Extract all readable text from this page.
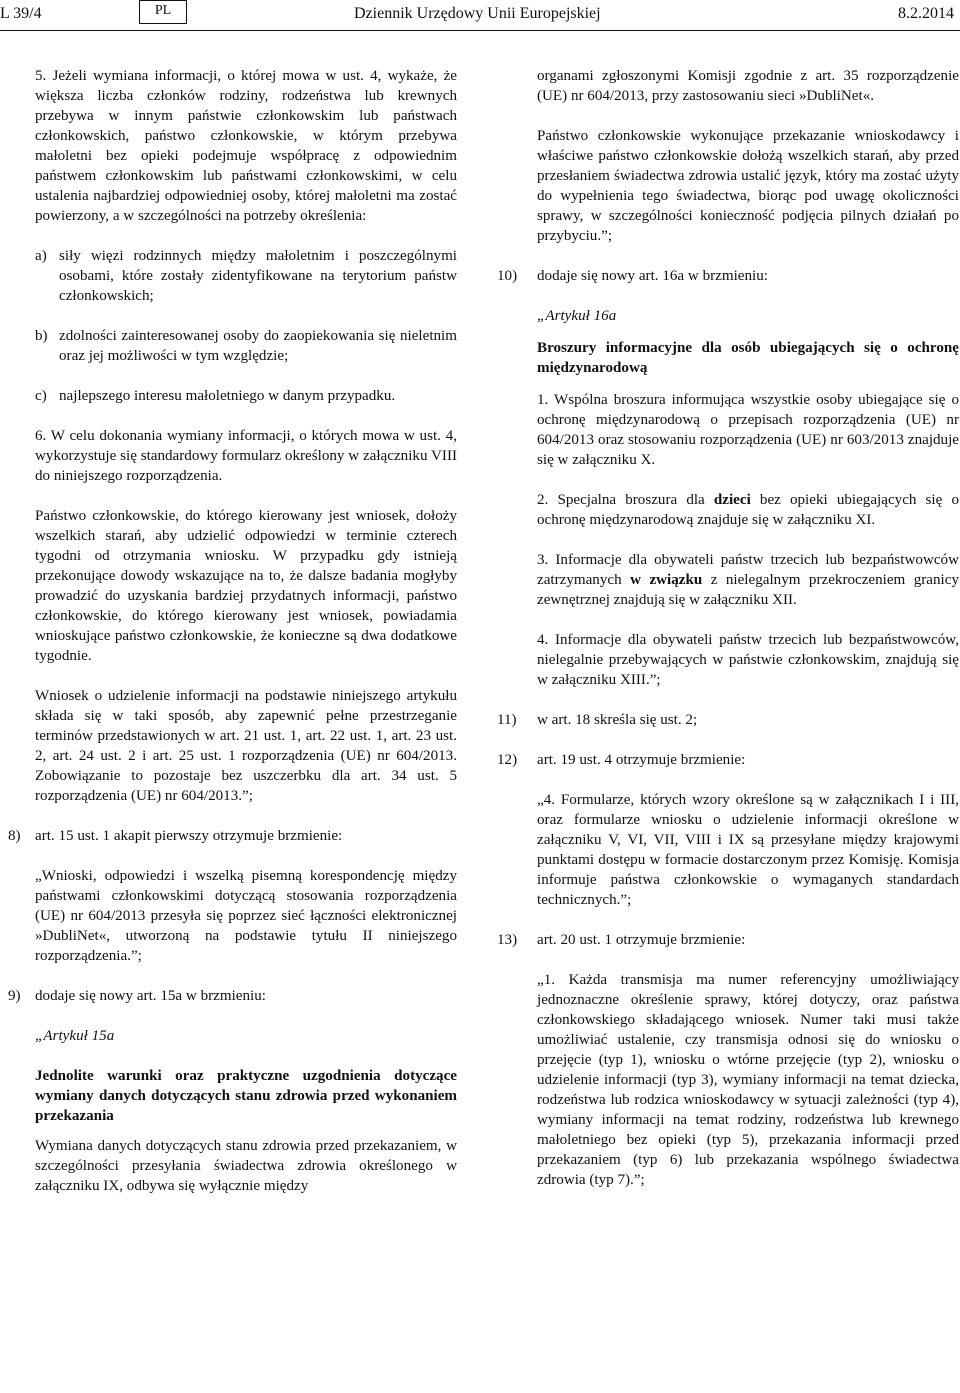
L 39/4	PL	Dziennik Urzędowy Unii Europejskiej	8.2.2014

5. Jeżeli wymiana informacji, o której mowa w ust. 4, wykaże, że większa liczba członków rodziny, rodzeństwa lub krewnych przebywa w innym państwie członkowskim lub państwach członkowskich, państwo członkowskie, w którym przebywa małoletni bez opieki podejmuje współpracę z odpowiednim państwem członkowskim lub państwami członkowskimi, w celu ustalenia najbardziej odpowiedniej osoby, której małoletni ma zostać powierzony, a w szczególności na potrzeby określenia:

a) siły więzi rodzinnych między małoletnim i poszczególnymi osobami, które zostały zidentyfikowane na terytorium państw członkowskich;
b) zdolności zainteresowanej osoby do zaopiekowania się nieletnim oraz jej możliwości w tym względzie;
c) najlepszego interesu małoletniego w danym przypadku.

6. W celu dokonania wymiany informacji, o których mowa w ust. 4, wykorzystuje się standardowy formularz określony w załączniku VIII do niniejszego rozporządzenia.

Państwo członkowskie, do którego kierowany jest wniosek, dołoży wszelkich starań, aby udzielić odpowiedzi w terminie czterech tygodni od otrzymania wniosku. W przypadku gdy istnieją przekonujące dowody wskazujące na to, że dalsze badania mogłyby prowadzić do uzyskania bardziej przydatnych informacji, państwo członkowskie, do którego kierowany jest wniosek, powiadamia wnioskujące państwo członkowskie, że konieczne są dwa dodatkowe tygodnie.

Wniosek o udzielenie informacji na podstawie niniejszego artykułu składa się w taki sposób, aby zapewnić pełne przestrzeganie terminów przedstawionych w art. 21 ust. 1, art. 22 ust. 1, art. 23 ust. 2, art. 24 ust. 2 i art. 25 ust. 1 rozporządzenia (UE) nr 604/2013. Zobowiązanie to pozostaje bez uszczerbku dla art. 34 ust. 5 rozporządzenia (UE) nr 604/2013.”;

8) art. 15 ust. 1 akapit pierwszy otrzymuje brzmienie:

„Wnioski, odpowiedzi i wszelką pisemną korespondencję między państwami członkowskimi dotyczącą stosowania rozporządzenia (UE) nr 604/2013 przesyła się poprzez sieć łączności elektronicznej »DubliNet«, utworzoną na podstawie tytułu II niniejszego rozporządzenia.”;

9) dodaje się nowy art. 15a w brzmieniu:

„Artykuł 15a

Jednolite warunki oraz praktyczne uzgodnienia dotyczące wymiany danych dotyczących stanu zdrowia przed wykonaniem przekazania

Wymiana danych dotyczących stanu zdrowia przed przekazaniem, w szczególności przesyłania świadectwa zdrowia określonego w załączniku IX, odbywa się wyłącznie między

organami zgłoszonymi Komisji zgodnie z art. 35 rozporządzenie (UE) nr 604/2013, przy zastosowaniu sieci »DubliNet«.

Państwo członkowskie wykonujące przekazanie wnioskodawcy i właściwe państwo członkowskie dołożą wszelkich starań, aby przed przesłaniem świadectwa zdrowia ustalić język, który ma zostać użyty do wypełnienia tego świadectwa, biorąc pod uwagę okoliczności sprawy, w szczególności konieczność podjęcia pilnych działań po przybyciu.”;

10) dodaje się nowy art. 16a w brzmieniu:

„Artykuł 16a

Broszury informacyjne dla osób ubiegających się o ochronę międzynarodową

1. Wspólna broszura informująca wszystkie osoby ubiegające się o ochronę międzynarodową o przepisach rozporządzenia (UE) nr 604/2013 oraz stosowaniu rozporządzenia (UE) nr 603/2013 znajduje się w załączniku X.

2. Specjalna broszura dla dzieci bez opieki ubiegających się o ochronę międzynarodową znajduje się w załączniku XI.

3. Informacje dla obywateli państw trzecich lub bezpaństwowców zatrzymanych w związku z nielegalnym przekroczeniem granicy zewnętrznej znajdują się w załączniku XII.

4. Informacje dla obywateli państw trzecich lub bezpaństwowców, nielegalnie przebywających w państwie członkowskim, znajdują się w załączniku XIII.”;

11) w art. 18 skreśla się ust. 2;
12) art. 19 ust. 4 otrzymuje brzmienie:

„4. Formularze, których wzory określone są w załącznikach I i III, oraz formularze wniosku o udzielenie informacji określone w załączniku V, VI, VII, VIII i IX są przesyłane między krajowymi punktami dostępu w formacie dostarczonym przez Komisję. Komisja informuje państwa członkowskie o wymaganych standardach technicznych.”;

13) art. 20 ust. 1 otrzymuje brzmienie:

„1. Każda transmisja ma numer referencyjny umożliwiający jednoznaczne określenie sprawy, której dotyczy, oraz państwa członkowskiego składającego wniosek. Numer taki musi także umożliwiać ustalenie, czy transmisja odnosi się do wniosku o przejęcie (typ 1), wniosku o wtórne przejęcie (typ 2), wniosku o udzielenie informacji (typ 3), wymiany informacji na temat dziecka, rodzeństwa lub rodzica wnioskodawcy w sytuacji zależności (typ 4), wymiany informacji na temat rodziny, rodzeństwa lub krewnego małoletniego bez opieki (typ 5), przekazania informacji przed przekazaniem (typ 6) lub przekazania wspólnego świadectwa zdrowia (typ 7).”;
